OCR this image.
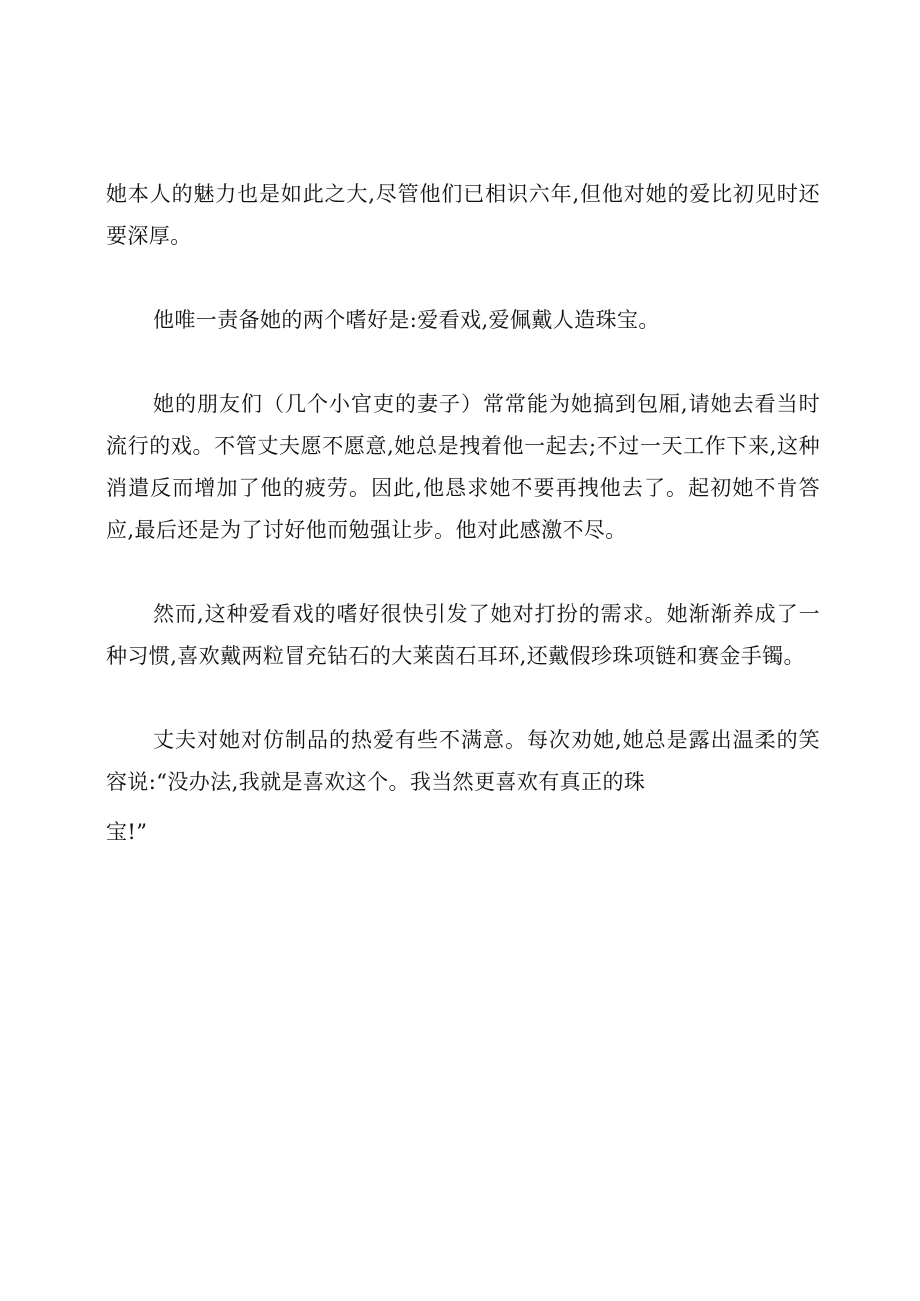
她本人的魅力也是如此之大,尽管他们已相识六年,但他对她的爱比初见时还要深厚。

他唯一责备她的两个嗜好是:爱看戏,爱佩戴人造珠宝。

她的朋友们（几个小官吏的妻子）常常能为她搞到包厢,请她去看当时流行的戏。不管丈夫愿不愿意,她总是拽着他一起去;不过一天工作下来,这种消遣反而增加了他的疲劳。因此,他恳求她不要再拽他去了。起初她不肯答应,最后还是为了讨好他而勉强让步。他对此感激不尽。

然而,这种爱看戏的嗜好很快引发了她对打扮的需求。她渐渐养成了一种习惯,喜欢戴两粒冒充钻石的大莱茵石耳环,还戴假珍珠项链和赛金手镯。

丈夫对她对仿制品的热爱有些不满意。每次劝她,她总是露出温柔的笑容说:“没办法,我就是喜欢这个。我当然更喜欢有真正的珠

宝!”
